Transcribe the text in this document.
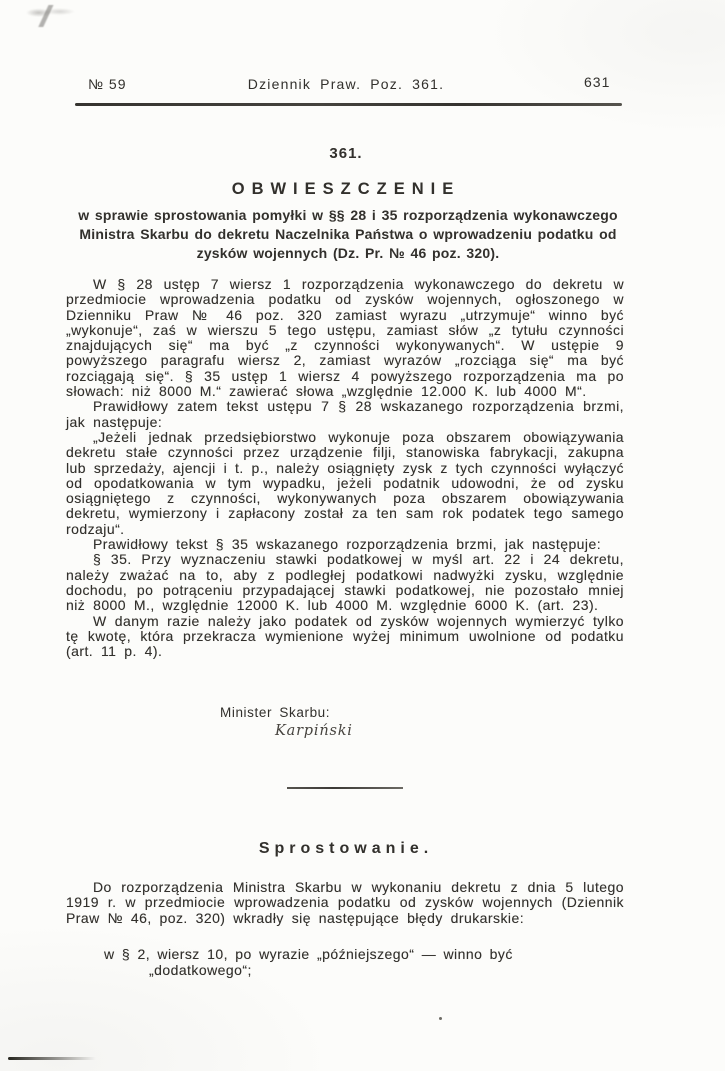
№ 59	Dziennik Praw. Poz. 361.	631
361.
OBWIESZCZENIE
w sprawie sprostowania pomyłki w §§ 28 i 35 rozporządzenia wykonawczego Ministra Skarbu do dekretu Naczelnika Państwa o wprowadzeniu podatku od zysków wojennych (Dz. Pr. № 46 poz. 320).

W § 28 ustęp 7 wiersz 1 rozporządzenia wykonawczego do dekretu w przedmiocie wprowadzenia podatku od zysków wojennych, ogłoszonego w Dzienniku Praw № 46 poz. 320 zamiast wyrazu „utrzymuje“ winno być „wykonuje“, zaś w wierszu 5 tego ustępu, zamiast słów „z tytułu czynności znajdujących się“ ma być „z czynności wykonywanych“. W ustępie 9 powyższego paragrafu wiersz 2, zamiast wyrazów „rozciąga się“ ma być rozciągają się“. § 35 ustęp 1 wiersz 4 powyższego rozporządzenia ma po słowach: niż 8000 M.“ zawierać słowa „względnie 12.000 K. lub 4000 M“.

Prawidłowy zatem tekst ustępu 7 § 28 wskazanego rozporządzenia brzmi, jak następuje:

„Jeżeli jednak przedsiębiorstwo wykonuje poza obszarem obowiązywania dekretu stałe czynności przez urządzenie filji, stanowiska fabrykacji, zakupna lub sprzedaży, ajencji i t. p., należy osiągnięty zysk z tych czynności wyłączyć od opodatkowania w tym wypadku, jeżeli podatnik udowodni, że od zysku osiągniętego z czynności, wykonywanych poza obszarem obowiązywania dekretu, wymierzony i zapłacony został za ten sam rok podatek tego samego rodzaju“.

Prawidłowy tekst § 35 wskazanego rozporządzenia brzmi, jak następuje:

§ 35. Przy wyznaczeniu stawki podatkowej w myśl art. 22 i 24 dekretu, należy zważać na to, aby z podległej podatkowi nadwyżki zysku, względnie dochodu, po potrąceniu przypadającej stawki podatkowej, nie pozostało mniej niż 8000 M., względnie 12000 K. lub 4000 M. względnie 6000 K. (art. 23).

W danym razie należy jako podatek od zysków wojennych wymierzyć tylko tę kwotę, która przekracza wymienione wyżej minimum uwolnione od podatku (art. 11 p. 4).

Minister Skarbu:
Karpiński
Sprostowanie.

Do rozporządzenia Ministra Skarbu w wykonaniu dekretu z dnia 5 lutego 1919 r. w przedmiocie wprowadzenia podatku od zysków wojennych (Dziennik Praw № 46, poz. 320) wkradły się następujące błędy drukarskie:

w § 2, wiersz 10, po wyrazie „późniejszego“ — winno być „dodatkowego“;
